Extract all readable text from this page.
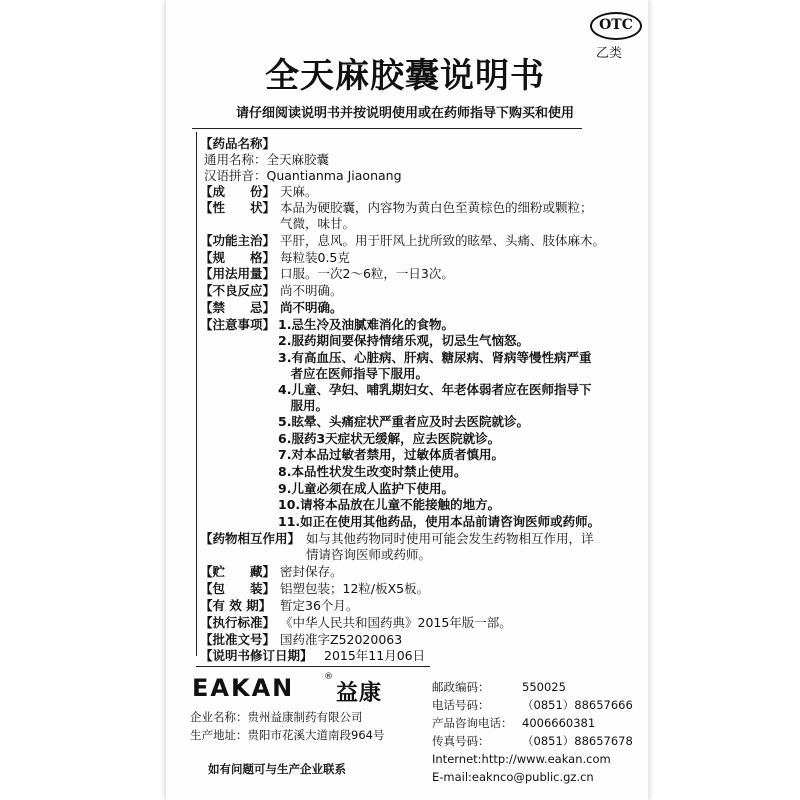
OTC
乙类
全天麻胶囊说明书
请仔细阅读说明书并按说明使用或在药师指导下购买和使用
【药品名称】
通用名称：全天麻胶囊
汉语拼音：Quantianma Jiaonang
【成　　份】 天麻。
【性　　状】 本品为硬胶囊，内容物为黄白色至黄棕色的细粉或颗粒；
气微，味甘。
【功能主治】 平肝，息风。用于肝风上扰所致的眩晕、头痛、肢体麻木。
【规　　格】 每粒装0.5克
【用法用量】 口服。一次2～6粒，一日3次。
【不良反应】 尚不明确。
【禁　　忌】 尚不明确。
【注意事项】 1.忌生冷及油腻难消化的食物。
2.服药期间要保持情绪乐观，切忌生气恼怒。
3.有高血压、心脏病、肝病、糖尿病、肾病等慢性病严重
　者应在医师指导下服用。
4.儿童、孕妇、哺乳期妇女、年老体弱者应在医师指导下
　服用。
5.眩晕、头痛症状严重者应及时去医院就诊。
6.服药3天症状无缓解，应去医院就诊。
7.对本品过敏者禁用，过敏体质者慎用。
8.本品性状发生改变时禁止使用。
9.儿童必须在成人监护下使用。
10.请将本品放在儿童不能接触的地方。
11.如正在使用其他药品，使用本品前请咨询医师或药师。
【药物相互作用】 如与其他药物同时使用可能会发生药物相互作用，详
情请咨询医师或药师。
【贮　　藏】 密封保存。
【包　　装】 铝塑包装；12粒/板X5板。
【有 效 期】 暂定36个月。
【执行标准】 《中华人民共和国药典》2015年版一部。
【批准文号】 国药准字Z52020063
【说明书修订日期】 2015年11月06日
EAKAN	®
益康
企业名称：贵州益康制药有限公司
生产地址：贵阳市花溪大道南段964号
如有问题可与生产企业联系
邮政编码：	550025
电话号码：	（0851）88657666
产品咨询电话： 4006660381
传真号码：	（0851）88657678
Internet:http://www.eakan.com
E-mail:eaknco@public.gz.cn
